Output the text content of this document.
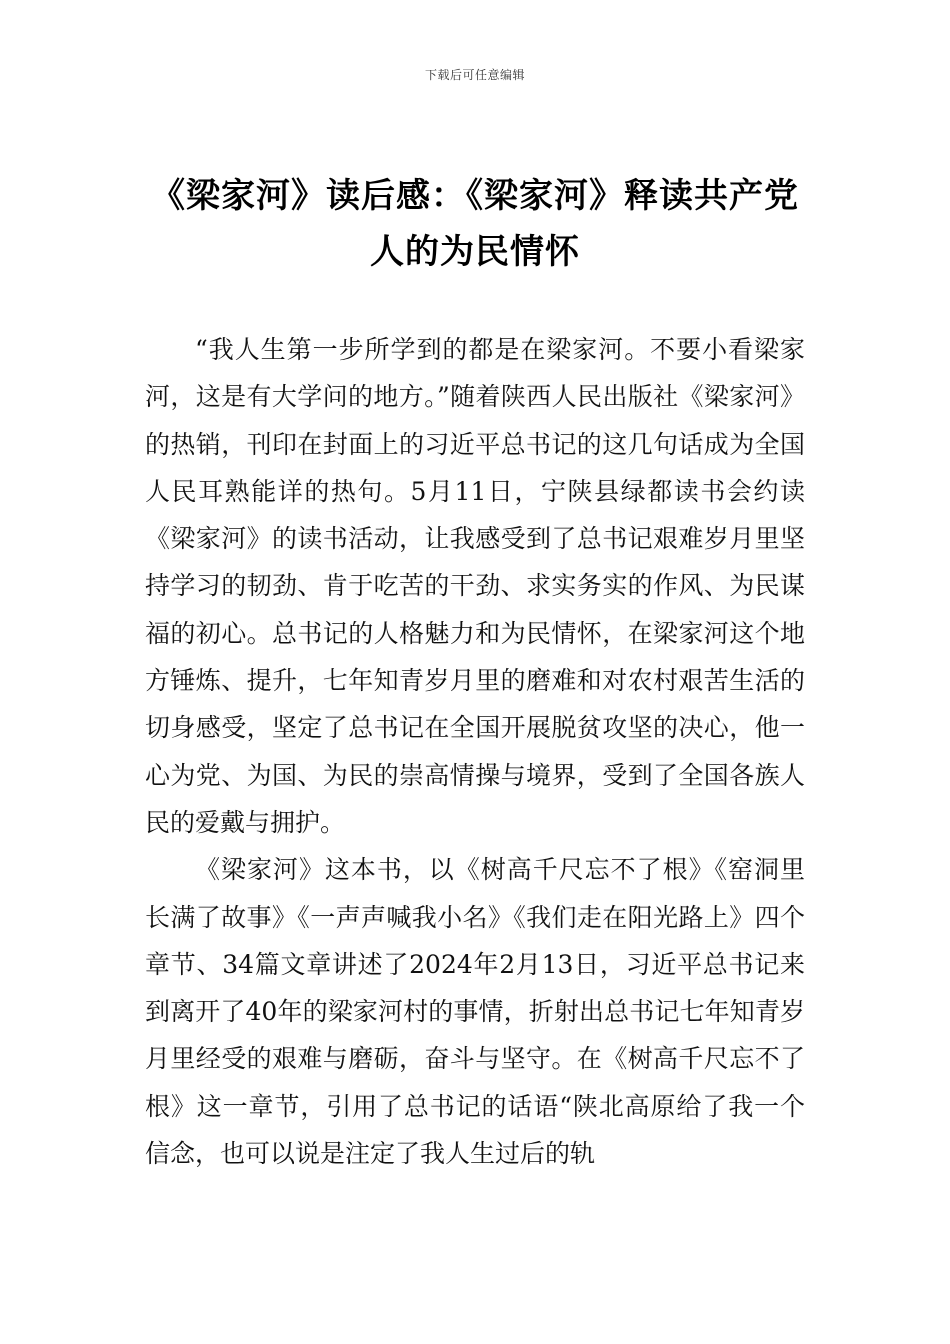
下载后可任意编辑
《梁家河》读后感：《梁家河》释读共产党人的为民情怀

“我人生第一步所学到的都是在梁家河。不要小看梁家河，这是有大学问的地方。”随着陕西人民出版社《梁家河》的热销，刊印在封面上的习近平总书记的这几句话成为全国人民耳熟能详的热句。5月11日，宁陕县绿都读书会约读《梁家河》的读书活动，让我感受到了总书记艰难岁月里坚持学习的韧劲、肯于吃苦的干劲、求实务实的作风、为民谋福的初心。总书记的人格魅力和为民情怀，在梁家河这个地方锤炼、提升，七年知青岁月里的磨难和对农村艰苦生活的切身感受，坚定了总书记在全国开展脱贫攻坚的决心，他一心为党、为国、为民的崇高情操与境界，受到了全国各族人民的爱戴与拥护。

《梁家河》这本书，以《树高千尺忘不了根》《窑洞里长满了故事》《一声声喊我小名》《我们走在阳光路上》四个章节、34篇文章讲述了2024年2月13日，习近平总书记来到离开了40年的梁家河村的事情，折射出总书记七年知青岁月里经受的艰难与磨砺，奋斗与坚守。在《树高千尺忘不了根》这一章节，引用了总书记的话语“陕北高原给了我一个信念，也可以说是注定了我人生过后的轨
